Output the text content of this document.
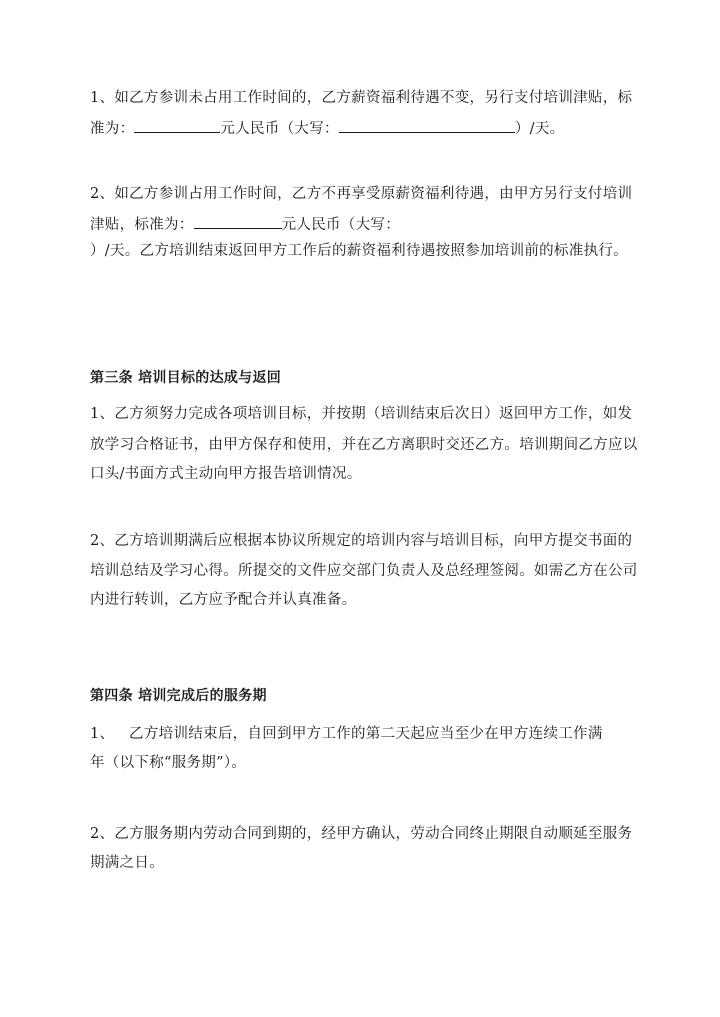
1、如乙方参训未占用工作时间的，乙方薪资福利待遇不变，另行支付培训津贴，标
准为：	元人民币（大写：	）/天。
2、如乙方参训占用工作时间，乙方不再享受原薪资福利待遇，由甲方另行支付培训
津贴，标准为：	元人民币（大写：
）/天。乙方培训结束返回甲方工作后的薪资福利待遇按照参加培训前的标准执行。
第三条 培训目标的达成与返回
1、乙方须努力完成各项培训目标，并按期（培训结束后次日）返回甲方工作，如发
放学习合格证书，由甲方保存和使用，并在乙方离职时交还乙方。培训期间乙方应以
口头/书面方式主动向甲方报告培训情况。
2、乙方培训期满后应根据本协议所规定的培训内容与培训目标，向甲方提交书面的
培训总结及学习心得。所提交的文件应交部门负责人及总经理签阅。如需乙方在公司
内进行转训，乙方应予配合并认真准备。
第四条 培训完成后的服务期
1、   乙方培训结束后，自回到甲方工作的第二天起应当至少在甲方连续工作满
年（以下称“服务期”）。
2、乙方服务期内劳动合同到期的，经甲方确认，劳动合同终止期限自动顺延至服务
期满之日。
